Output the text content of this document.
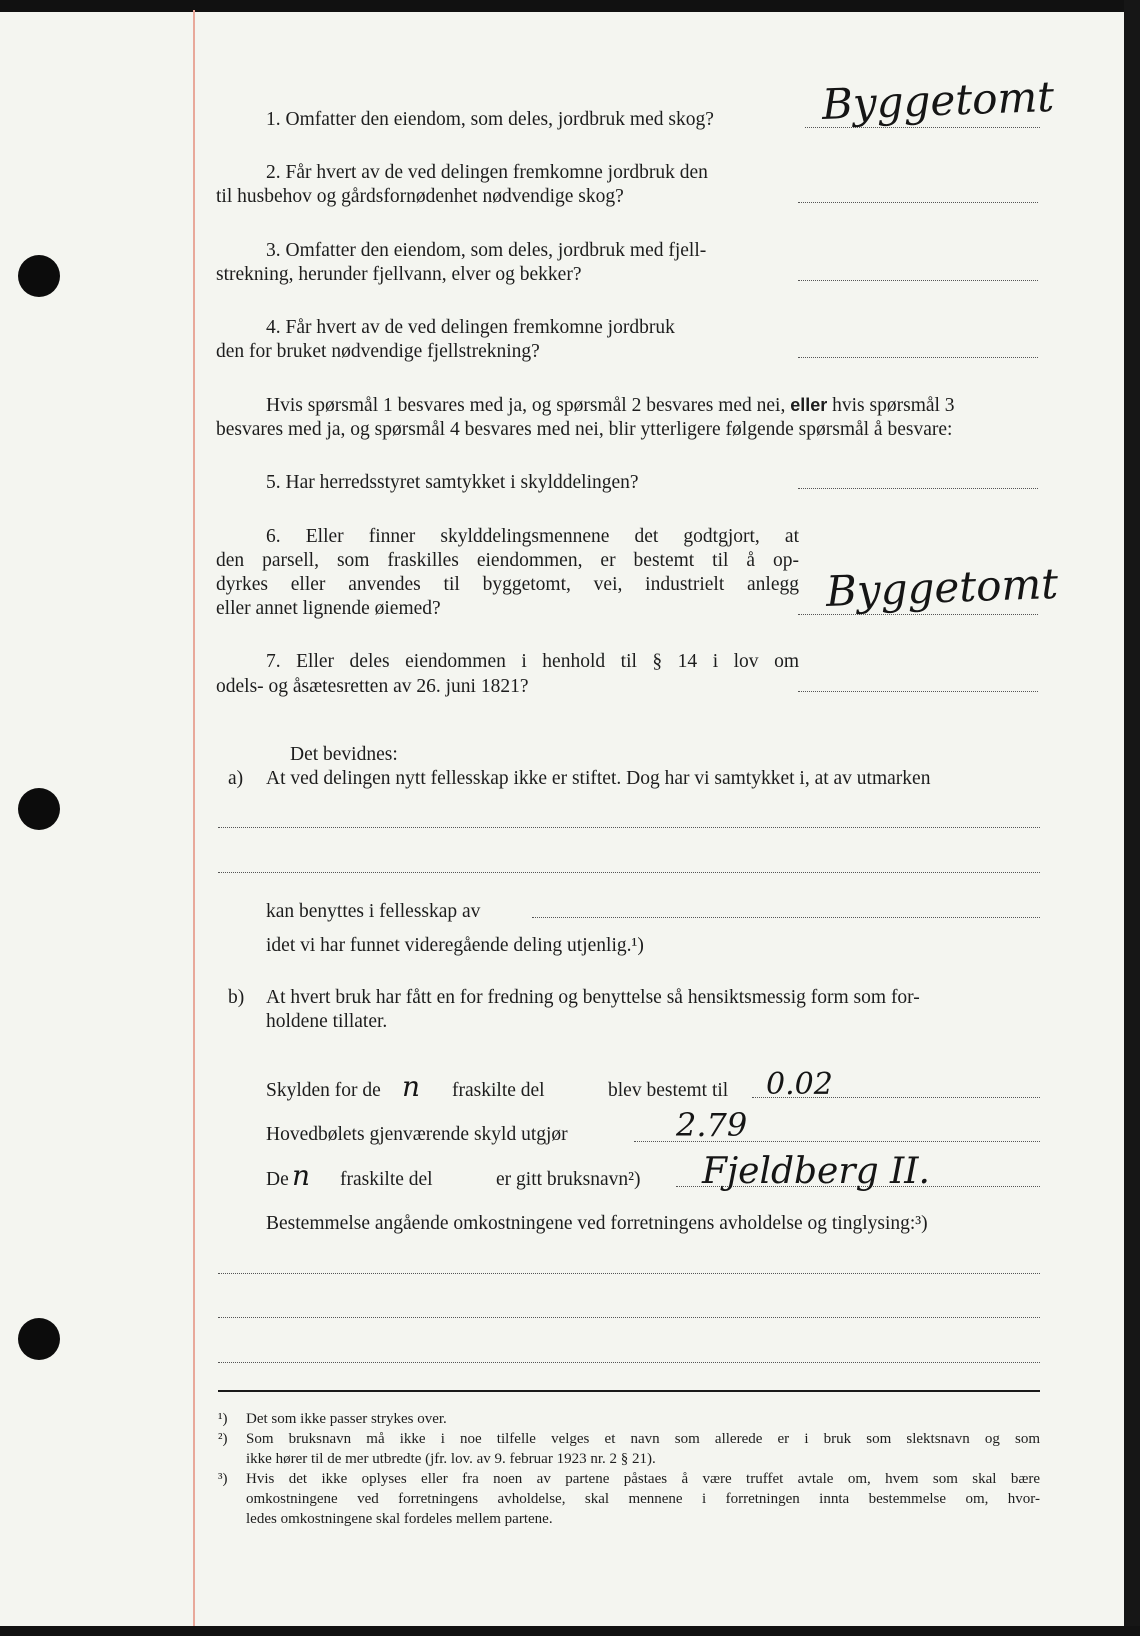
1. Omfatter den eiendom, som deles, jordbruk med skog?	Byggetomt
2. Får hvert av de ved delingen fremkomne jordbruk den
til husbehov og gårdsfornødenhet nødvendige skog?
3. Omfatter den eiendom, som deles, jordbruk med fjell-
strekning, herunder fjellvann, elver og bekker?
4. Får hvert av de ved delingen fremkomne jordbruk
den for bruket nødvendige fjellstrekning?
Hvis spørsmål 1 besvares med ja, og spørsmål 2 besvares med nei, eller hvis spørsmål 3
besvares med ja, og spørsmål 4 besvares med nei, blir ytterligere følgende spørsmål å besvare:
5. Har herredsstyret samtykket i skylddelingen?
6. Eller finner skylddelingsmennene det godtgjort, at
den parsell, som fraskilles eiendommen, er bestemt til å op-
dyrkes eller anvendes til byggetomt, vei, industrielt anlegg
eller annet lignende øiemed?	Byggetomt
7. Eller deles eiendommen i henhold til § 14 i lov om
odels- og åsætesretten av 26. juni 1821?
Det bevidnes:
a) At ved delingen nytt fellesskap ikke er stiftet. Dog har vi samtykket i, at av utmarken
kan benyttes i fellesskap av
idet vi har funnet videregående deling utjenlig.¹)
b) At hvert bruk har fått en for fredning og benyttelse så hensiktsmessig form som for-
holdene tillater.
Skylden for de n fraskilte del	blev bestemt til 0.02
Hovedbølets gjenværende skyld utgjør	2.79
De n fraskilte del	er gitt bruksnavn²) Fjeldberg II.
Bestemmelse angående omkostningene ved forretningens avholdelse og tinglysing:³)
¹) Det som ikke passer strykes over.
²) Som bruksnavn må ikke i noe tilfelle velges et navn som allerede er i bruk som slektsnavn og som
ikke hører til de mer utbredte (jfr. lov. av 9. februar 1923 nr. 2 § 21).
³) Hvis det ikke oplyses eller fra noen av partene påstaes å være truffet avtale om, hvem som skal bære
omkostningene ved forretningens avholdelse, skal mennene i forretningen innta bestemmelse om, hvor-
ledes omkostningene skal fordeles mellem partene.
